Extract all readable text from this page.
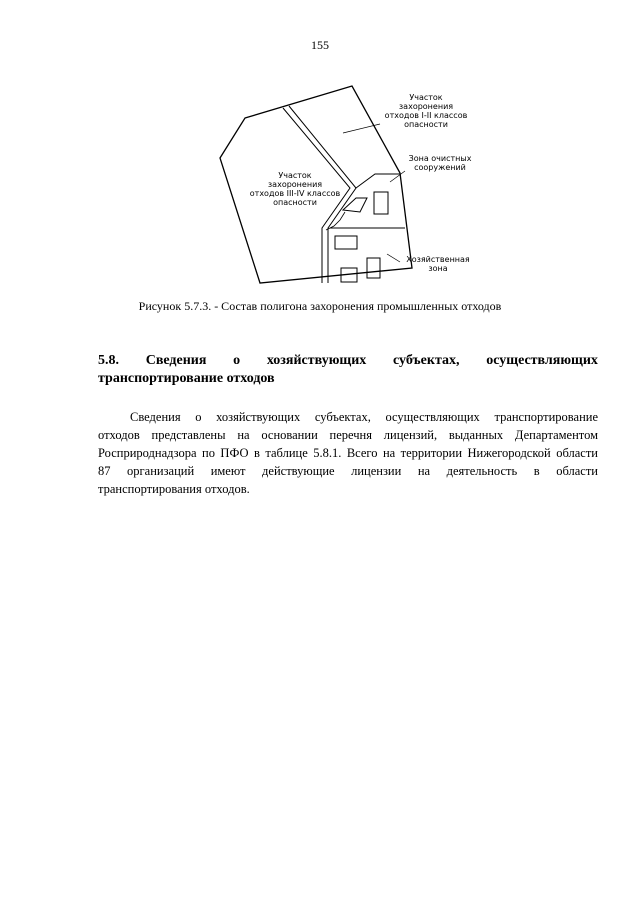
155
Участок
захоронения
отходов I-II классов
опасности
Участок
захоронения
отходов III-IV классов
опасности
Зона очистных
сооружений
Хозяйственная
зона
Рисунок 5.7.3. - Состав полигона захоронения промышленных отходов
5.8. Сведения о хозяйствующих субъектах, осуществляющих
транспортирование отходов
Сведения о хозяйствующих субъектах, осуществляющих транспортирование
отходов представлены на основании перечня лицензий, выданных Департаментом
Росприроднадзора по ПФО в таблице 5.8.1. Всего на территории Нижегородской области
87 организаций имеют действующие лицензии на деятельность в области
транспортирования отходов.
